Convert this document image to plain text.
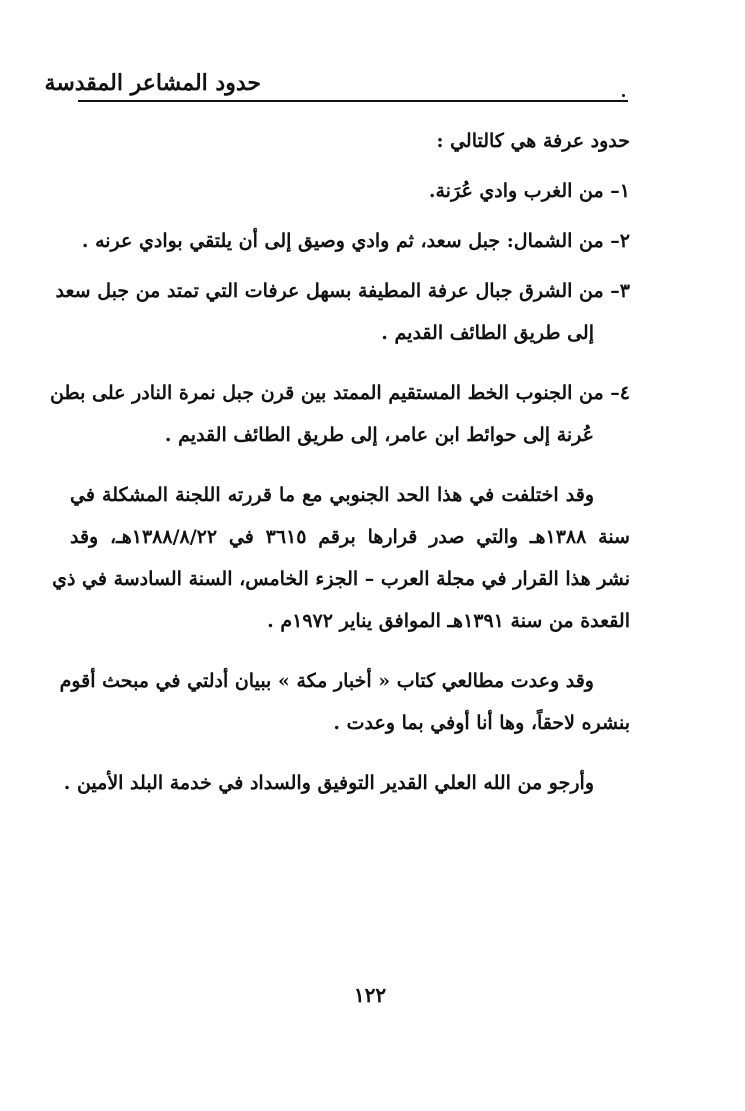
حدود المشاعر المقدسة
حدود عرفة هي كالتالي :
١– من الغرب وادي عُرَنة.
٢– من الشمال: جبل سعد، ثم وادي وصيق إلى أن يلتقي بوادي عرنه .
٣– من الشرق جبال عرفة المطيفة بسهل عرفات التي تمتد من جبل سعد
إلى طريق الطائف القديم .
٤– من الجنوب الخط المستقيم الممتد بين قرن جبل نمرة النادر على بطن
عُرنة إلى حوائط ابن عامر، إلى طريق الطائف القديم .
وقد اختلفت في هذا الحد الجنوبي مع ما قررته اللجنة المشكلة في
سنة ١٣٨٨هـ والتي صدر قرارها برقم ٣٦١٥ في ١٣٨٨/٨/٢٢هـ، وقد
نشر هذا القرار في مجلة العرب – الجزء الخامس، السنة السادسة في ذي
القعدة من سنة ١٣٩١هـ الموافق يناير ١٩٧٢م .
وقد وعدت مطالعي كتاب « أخبار مكة » ببيان أدلتي في مبحث أقوم
بنشره لاحقاً، وها أنا أوفي بما وعدت .
وأرجو من الله العلي القدير التوفيق والسداد في خدمة البلد الأمين .
١٢٢
